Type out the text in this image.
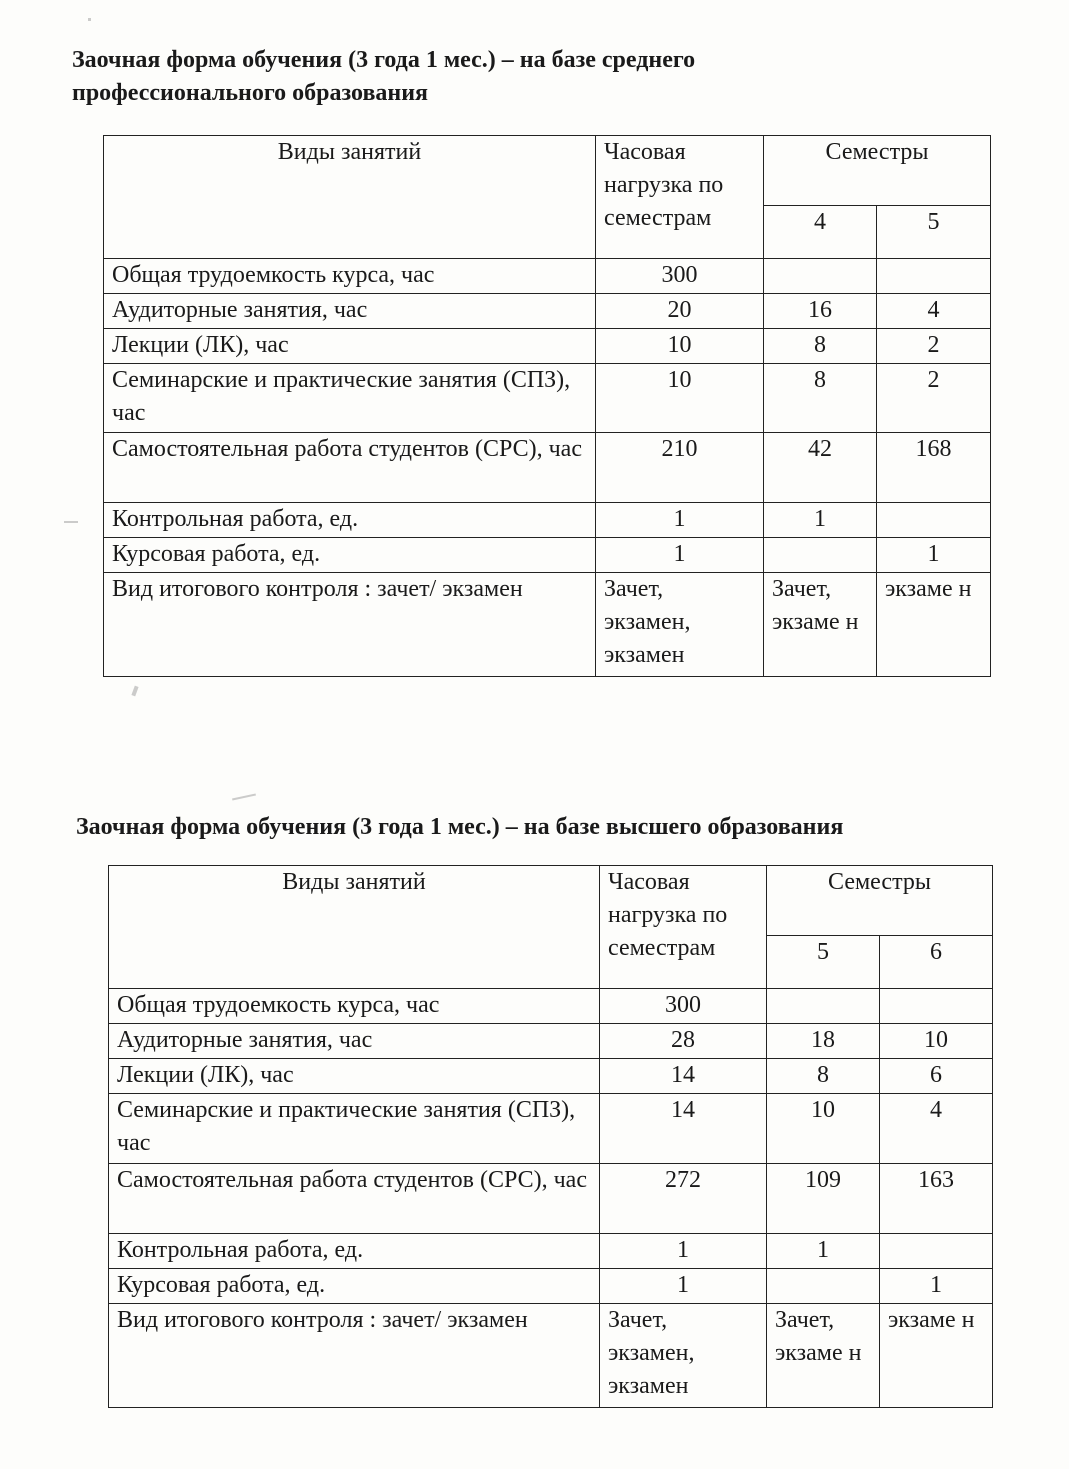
Заочная форма обучения (3 года 1 мес.) – на базе среднего профессионального образования
Виды занятий	Часовая нагрузка по семестрам	Семестры	
		4	5
Общая трудоемкость курса, час	300		
Аудиторные занятия, час	20	16	4
Лекции (ЛК), час	10	8	2
Семинарские и практические занятия (СПЗ), час	10	8	2
Самостоятельная работа студентов (СРС), час	210	42	168
Контрольная работа, ед.	1	1	
Курсовая работа, ед.	1		1
Вид итогового контроля : зачет/ экзамен	Зачет, экзамен, экзамен	Зачет, экзаме н	экзаме н
Заочная форма обучения (3 года 1 мес.) – на базе высшего образования
Виды занятий	Часовая нагрузка по семестрам	Семестры	
		5	6
Общая трудоемкость курса, час	300		
Аудиторные занятия, час	28	18	10
Лекции (ЛК), час	14	8	6
Семинарские и практические занятия (СПЗ), час	14	10	4
Самостоятельная работа студентов (СРС), час	272	109	163
Контрольная работа, ед.	1	1	
Курсовая работа, ед.	1		1
Вид итогового контроля : зачет/ экзамен	Зачет, экзамен, экзамен	Зачет, экзаме н	экзаме н
